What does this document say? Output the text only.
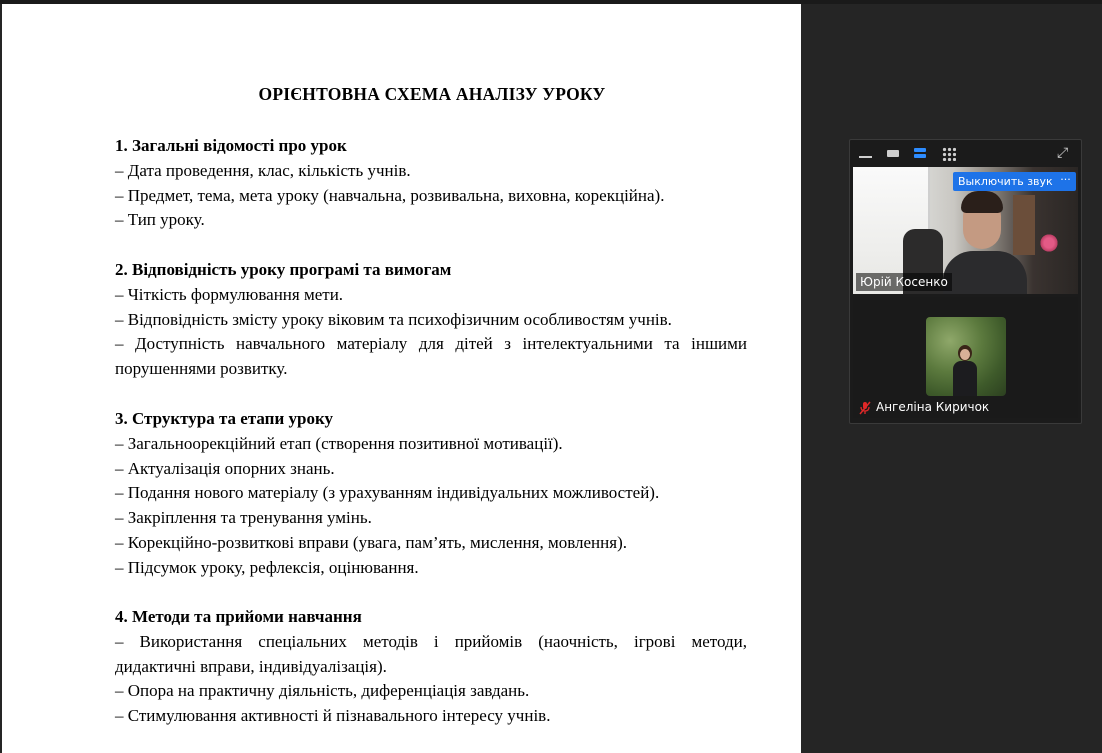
ОРІЄНТОВНА СХЕМА АНАЛІЗУ УРОКУ
1. Загальні відомості про урок
– Дата проведення, клас, кількість учнів.
– Предмет, тема, мета уроку (навчальна, розвивальна, виховна, корекційна).
– Тип уроку.
2. Відповідність уроку програмі та вимогам
– Чіткість формулювання мети.
– Відповідність змісту уроку віковим та психофізичним особливостям учнів.
– Доступність навчального матеріалу для дітей з інтелектуальними та іншими
порушеннями розвитку.
3. Структура та етапи уроку
– Загальноорекційний етап (створення позитивної мотивації).
– Актуалізація опорних знань.
– Подання нового матеріалу (з урахуванням індивідуальних можливостей).
– Закріплення та тренування умінь.
– Корекційно-розвиткові вправи (увага, пам’ять, мислення, мовлення).
– Підсумок уроку, рефлексія, оцінювання.
4. Методи та прийоми навчання
– Використання спеціальних методів і прийомів (наочність, ігрові методи,
дидактичні вправи, індивідуалізація).
– Опора на практичну діяльність, диференціація завдань.
– Стимулювання активності й пізнавального інтересу учнів.
⤢
Выключить звук ···
Юрій Косенко
Ангеліна Киричок
